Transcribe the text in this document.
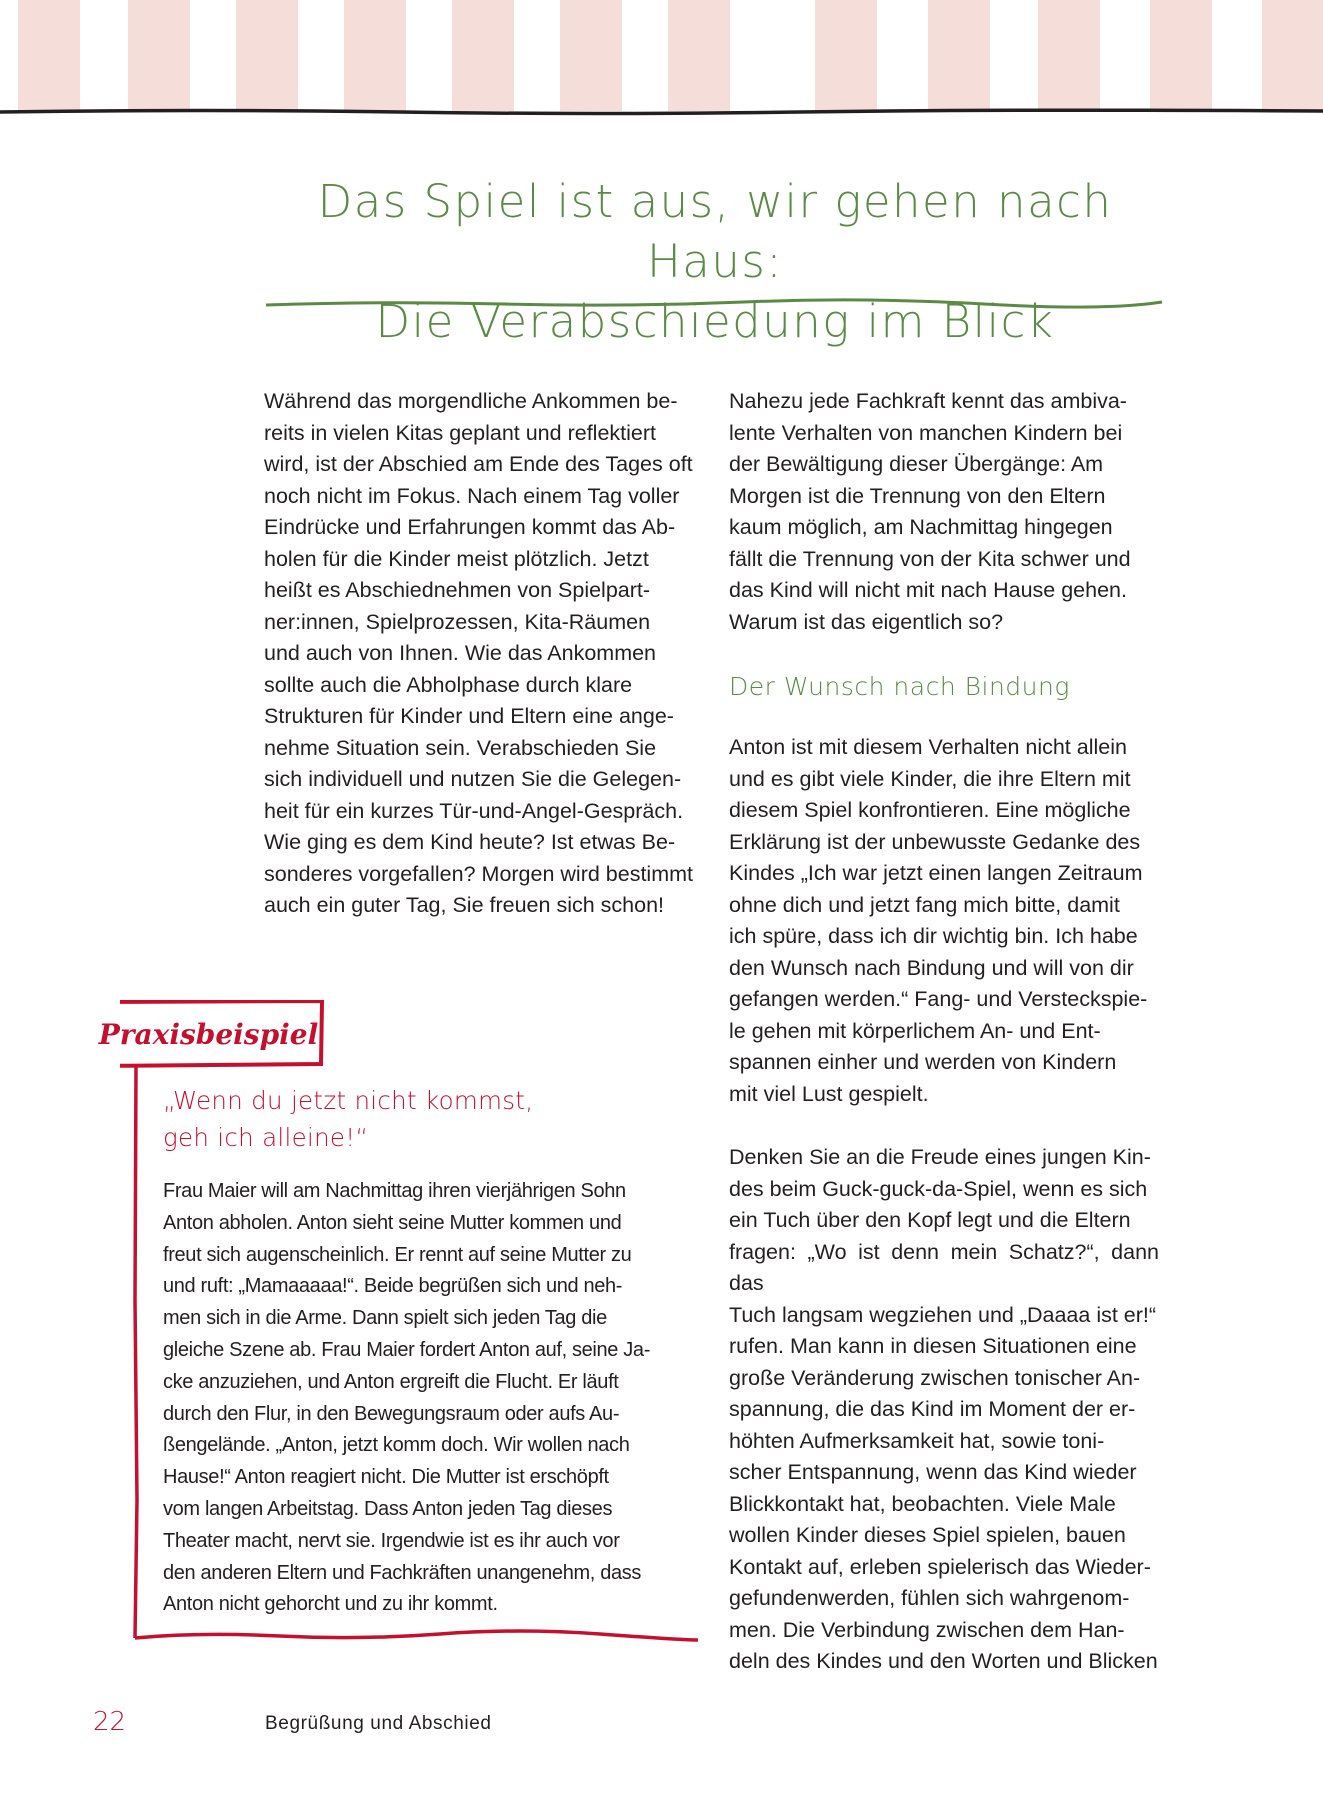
Das Spiel ist aus, wir gehen nach Haus:
Die Verabschiedung im Blick
Während das morgendliche Ankommen be-
reits in vielen Kitas geplant und reflektiert
wird, ist der Abschied am Ende des Tages oft
noch nicht im Fokus. Nach einem Tag voller
Eindrücke und Erfahrungen kommt das Ab-
holen für die Kinder meist plötzlich. Jetzt
heißt es Abschiednehmen von Spielpart-
ner:innen, Spielprozessen, Kita-Räumen
und auch von Ihnen. Wie das Ankommen
sollte auch die Abholphase durch klare
Strukturen für Kinder und Eltern eine ange-
nehme Situation sein. Verabschieden Sie
sich individuell und nutzen Sie die Gelegen-
heit für ein kurzes Tür-und-Angel-Gespräch.
Wie ging es dem Kind heute? Ist etwas Be-
sonderes vorgefallen? Morgen wird bestimmt
auch ein guter Tag, Sie freuen sich schon!
Nahezu jede Fachkraft kennt das ambiva-
lente Verhalten von manchen Kindern bei
der Bewältigung dieser Übergänge: Am
Morgen ist die Trennung von den Eltern
kaum möglich, am Nachmittag hingegen
fällt die Trennung von der Kita schwer und
das Kind will nicht mit nach Hause gehen.
Warum ist das eigentlich so?
Der Wunsch nach Bindung
Anton ist mit diesem Verhalten nicht allein
und es gibt viele Kinder, die ihre Eltern mit
diesem Spiel konfrontieren. Eine mögliche
Erklärung ist der unbewusste Gedanke des
Kindes „Ich war jetzt einen langen Zeitraum
ohne dich und jetzt fang mich bitte, damit
ich spüre, dass ich dir wichtig bin. Ich habe
den Wunsch nach Bindung und will von dir
gefangen werden.“ Fang- und Versteckspie-
le gehen mit körperlichem An- und Ent-
spannen einher und werden von Kindern
mit viel Lust gespielt.
Denken Sie an die Freude eines jungen Kin-
des beim Guck-guck-da-Spiel, wenn es sich
ein Tuch über den Kopf legt und die Eltern
fragen: „Wo ist denn mein Schatz?“, dann das
Tuch langsam wegziehen und „Daaaa ist er!“
rufen. Man kann in diesen Situationen eine
große Veränderung zwischen tonischer An-
spannung, die das Kind im Moment der er-
höhten Aufmerksamkeit hat, sowie toni-
scher Entspannung, wenn das Kind wieder
Blickkontakt hat, beobachten. Viele Male
wollen Kinder dieses Spiel spielen, bauen
Kontakt auf, erleben spielerisch das Wieder-
gefundenwerden, fühlen sich wahrgenom-
men. Die Verbindung zwischen dem Han-
deln des Kindes und den Worten und Blicken
Praxisbeispiel
„Wenn du jetzt nicht kommst,
geh ich alleine!“
Frau Maier will am Nachmittag ihren vierjährigen Sohn
Anton abholen. Anton sieht seine Mutter kommen und
freut sich augenscheinlich. Er rennt auf seine Mutter zu
und ruft: „Mamaaaaa!“. Beide begrüßen sich und neh-
men sich in die Arme. Dann spielt sich jeden Tag die
gleiche Szene ab. Frau Maier fordert Anton auf, seine Ja-
cke anzuziehen, und Anton ergreift die Flucht. Er läuft
durch den Flur, in den Bewegungsraum oder aufs Au-
ßengelände. „Anton, jetzt komm doch. Wir wollen nach
Hause!“ Anton reagiert nicht. Die Mutter ist erschöpft
vom langen Arbeitstag. Dass Anton jeden Tag dieses
Theater macht, nervt sie. Irgendwie ist es ihr auch vor
den anderen Eltern und Fachkräften unangenehm, dass
Anton nicht gehorcht und zu ihr kommt.
22	Begrüßung und Abschied
